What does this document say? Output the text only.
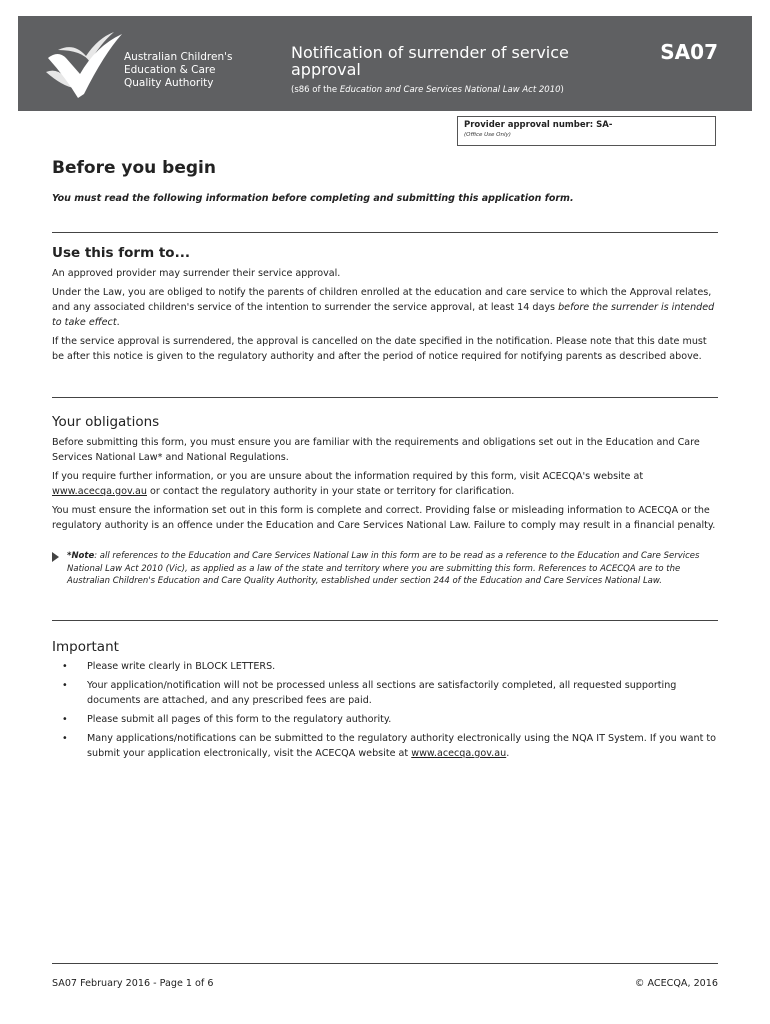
Australian Children's
Education & Care
Quality Authority
Notification of surrender of service approval
(s86 of the Education and Care Services National Law Act 2010)
SA07
Provider approval number: SA-
(Office Use Only)
Before you begin
You must read the following information before completing and submitting this application form.
Use this form to...

An approved provider may surrender their service approval.

Under the Law, you are obliged to notify the parents of children enrolled at the education and care service to which the Approval relates, and any associated children's service of the intention to surrender the service approval, at least 14 days before the surrender is intended to take effect.

If the service approval is surrendered, the approval is cancelled on the date specified in the notification. Please note that this date must be after this notice is given to the regulatory authority and after the period of notice required for notifying parents as described above.

Your obligations

Before submitting this form, you must ensure you are familiar with the requirements and obligations set out in the Education and Care Services National Law* and National Regulations.

If you require further information, or you are unsure about the information required by this form, visit ACECQA's website at www.acecqa.gov.au or contact the regulatory authority in your state or territory for clarification.

You must ensure the information set out in this form is complete and correct. Providing false or misleading information to ACECQA or the regulatory authority is an offence under the Education and Care Services National Law. Failure to comply may result in a financial penalty.

*Note: all references to the Education and Care Services National Law in this form are to be read as a reference to the Education and Care Services National Law Act 2010 (Vic), as applied as a law of the state and territory where you are submitting this form. References to ACECQA are to the Australian Children's Education and Care Quality Authority, established under section 244 of the Education and Care Services National Law.
Important
• Please write clearly in BLOCK LETTERS.
• Your application/notification will not be processed unless all sections are satisfactorily completed, all requested supporting documents are attached, and any prescribed fees are paid.
• Please submit all pages of this form to the regulatory authority.
• Many applications/notifications can be submitted to the regulatory authority electronically using the NQA IT System. If you want to submit your application electronically, visit the ACECQA website at www.acecqa.gov.au.
SA07 February 2016 - Page 1 of 6	© ACECQA, 2016
